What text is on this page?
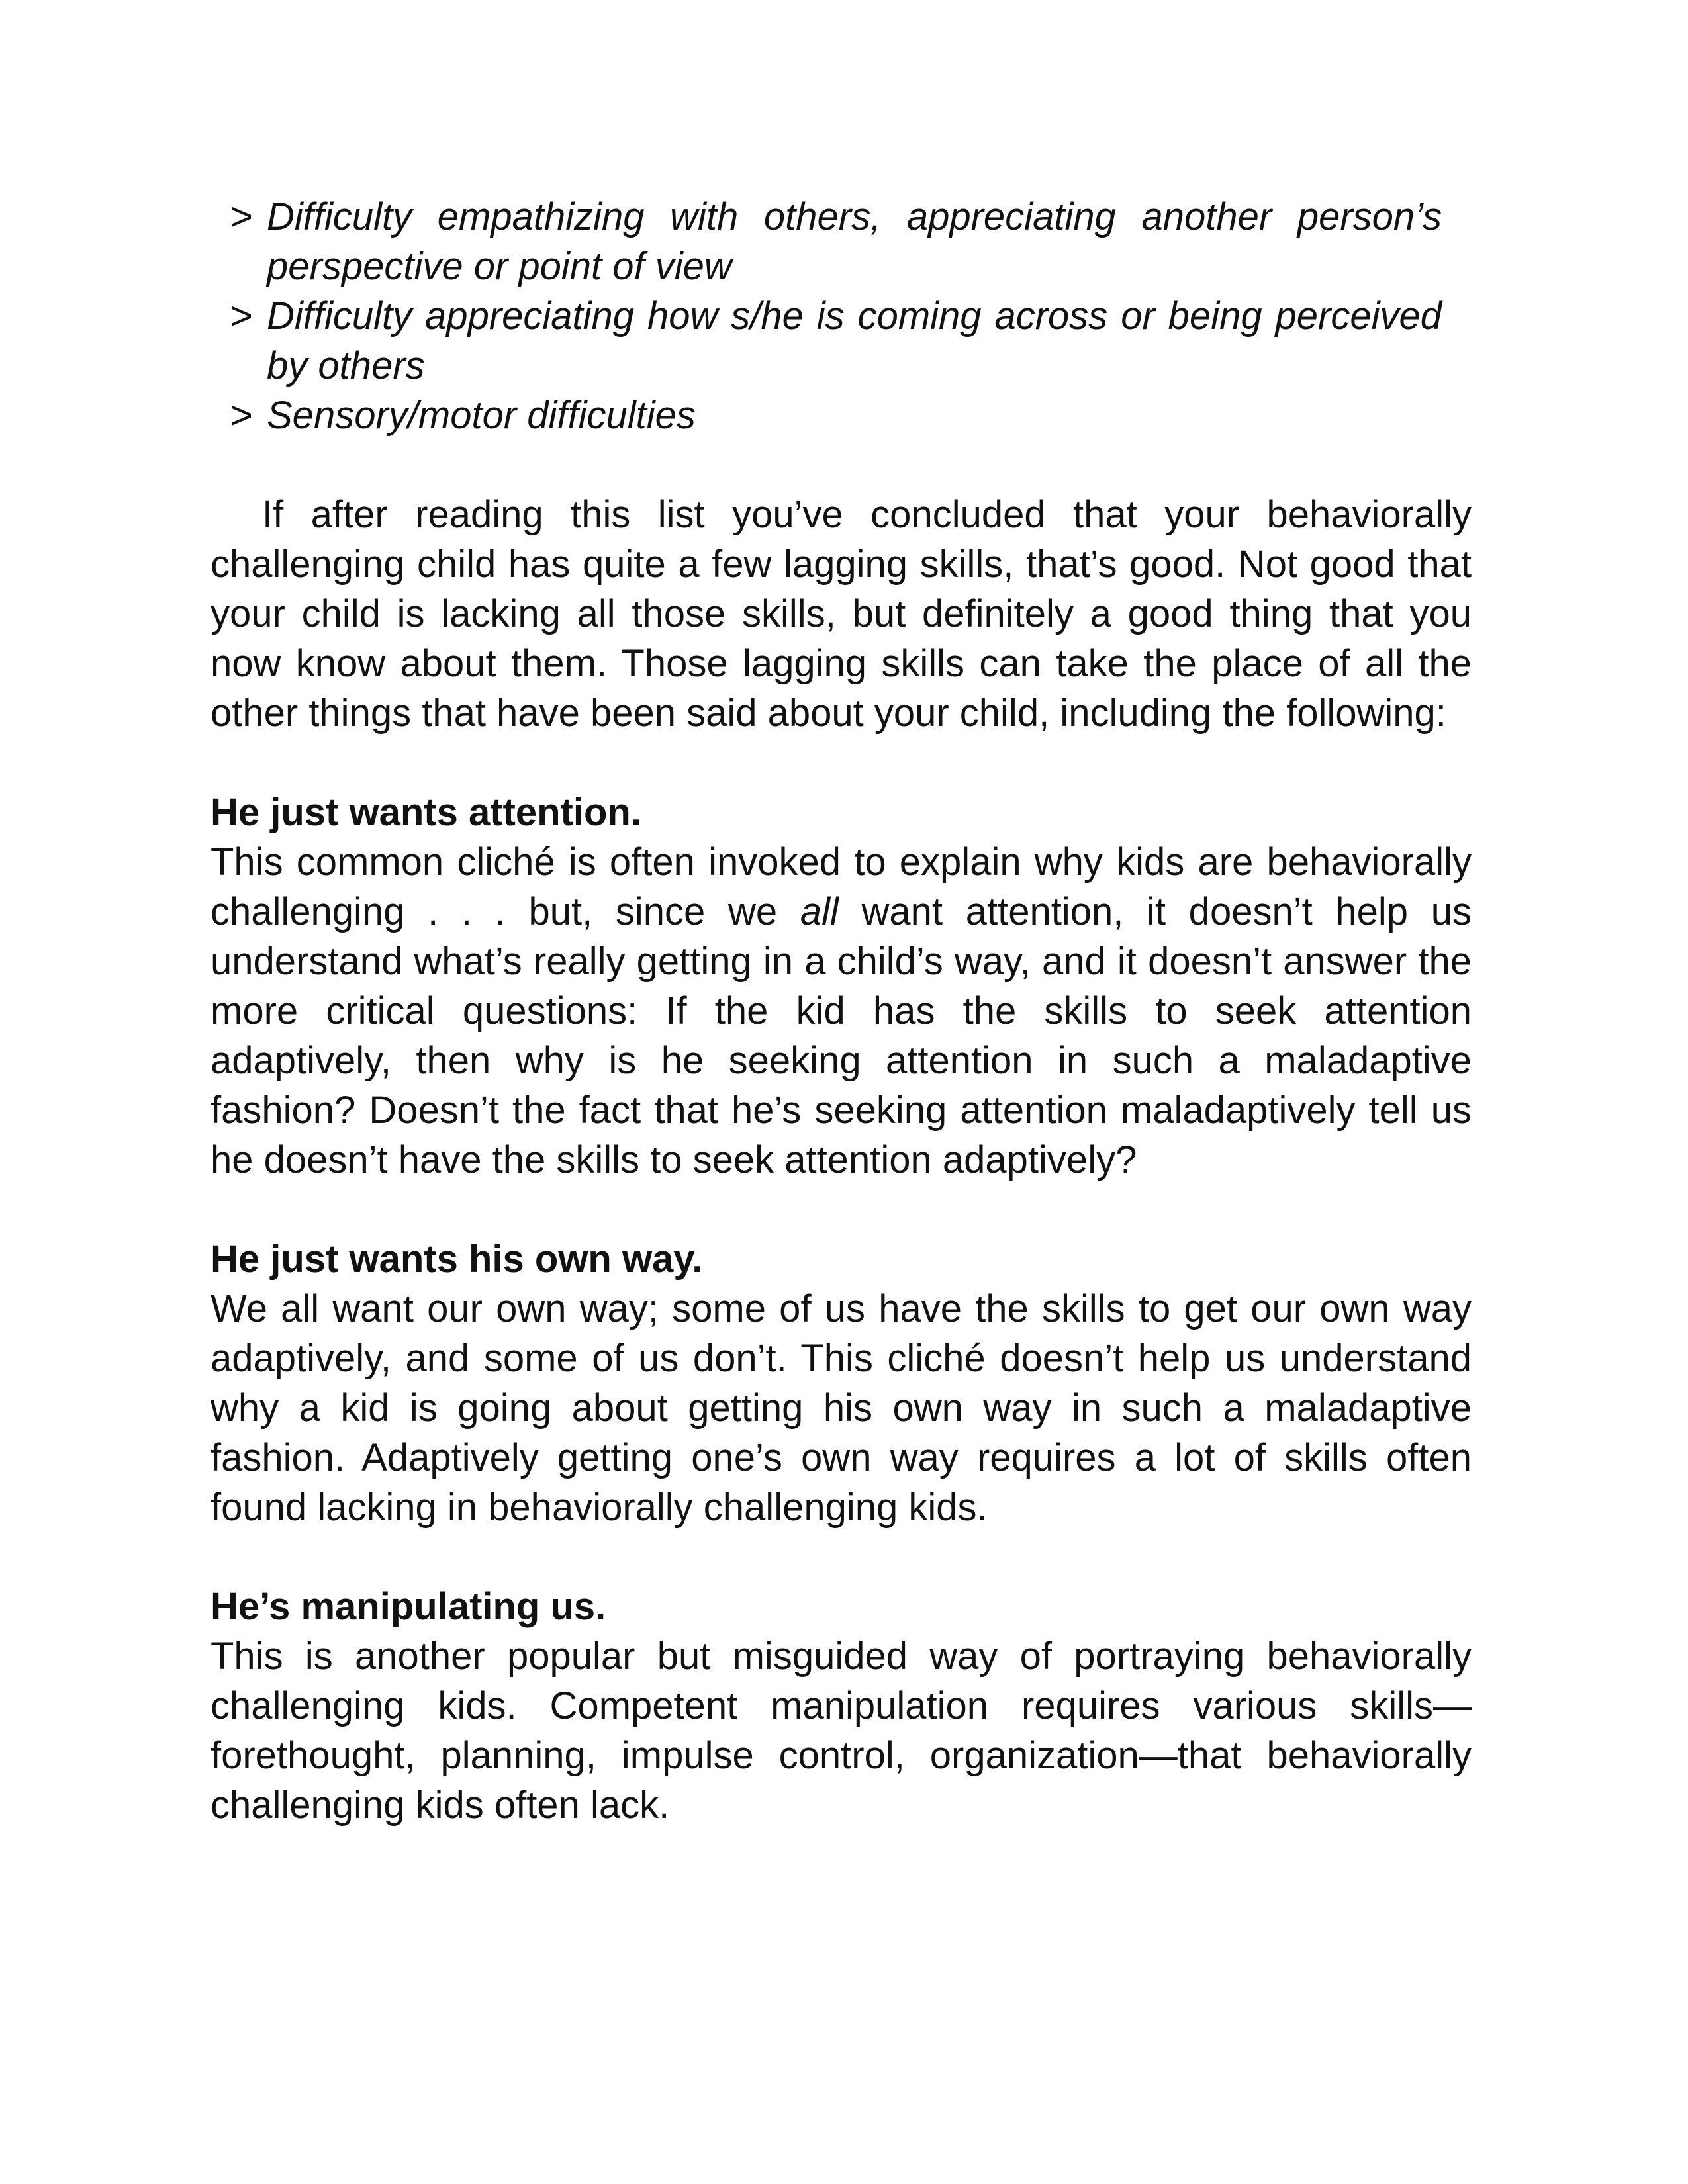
> Difficulty empathizing with others, appreciating another person’s perspective or point of view
> Difficulty appreciating how s/he is coming across or being perceived by others
> Sensory/motor difficulties

If after reading this list you’ve concluded that your behaviorally challenging child has quite a few lagging skills, that’s good. Not good that your child is lacking all those skills, but definitely a good thing that you now know about them. Those lagging skills can take the place of all the other things that have been said about your child, including the following:

He just wants attention.

This common cliché is often invoked to explain why kids are behaviorally challenging . . . but, since we all want attention, it doesn’t help us understand what’s really getting in a child’s way, and it doesn’t answer the more critical questions: If the kid has the skills to seek attention adaptively, then why is he seeking attention in such a maladaptive fashion? Doesn’t the fact that he’s seeking attention maladaptively tell us he doesn’t have the skills to seek attention adaptively?

He just wants his own way.

We all want our own way; some of us have the skills to get our own way adaptively, and some of us don’t. This cliché doesn’t help us understand why a kid is going about getting his own way in such a maladaptive fashion. Adaptively getting one’s own way requires a lot of skills often found lacking in behaviorally challenging kids.

He’s manipulating us.

This is another popular but misguided way of portraying behaviorally challenging kids. Competent manipulation requires various skills—forethought, planning, impulse control, organization—that behaviorally challenging kids often lack.
